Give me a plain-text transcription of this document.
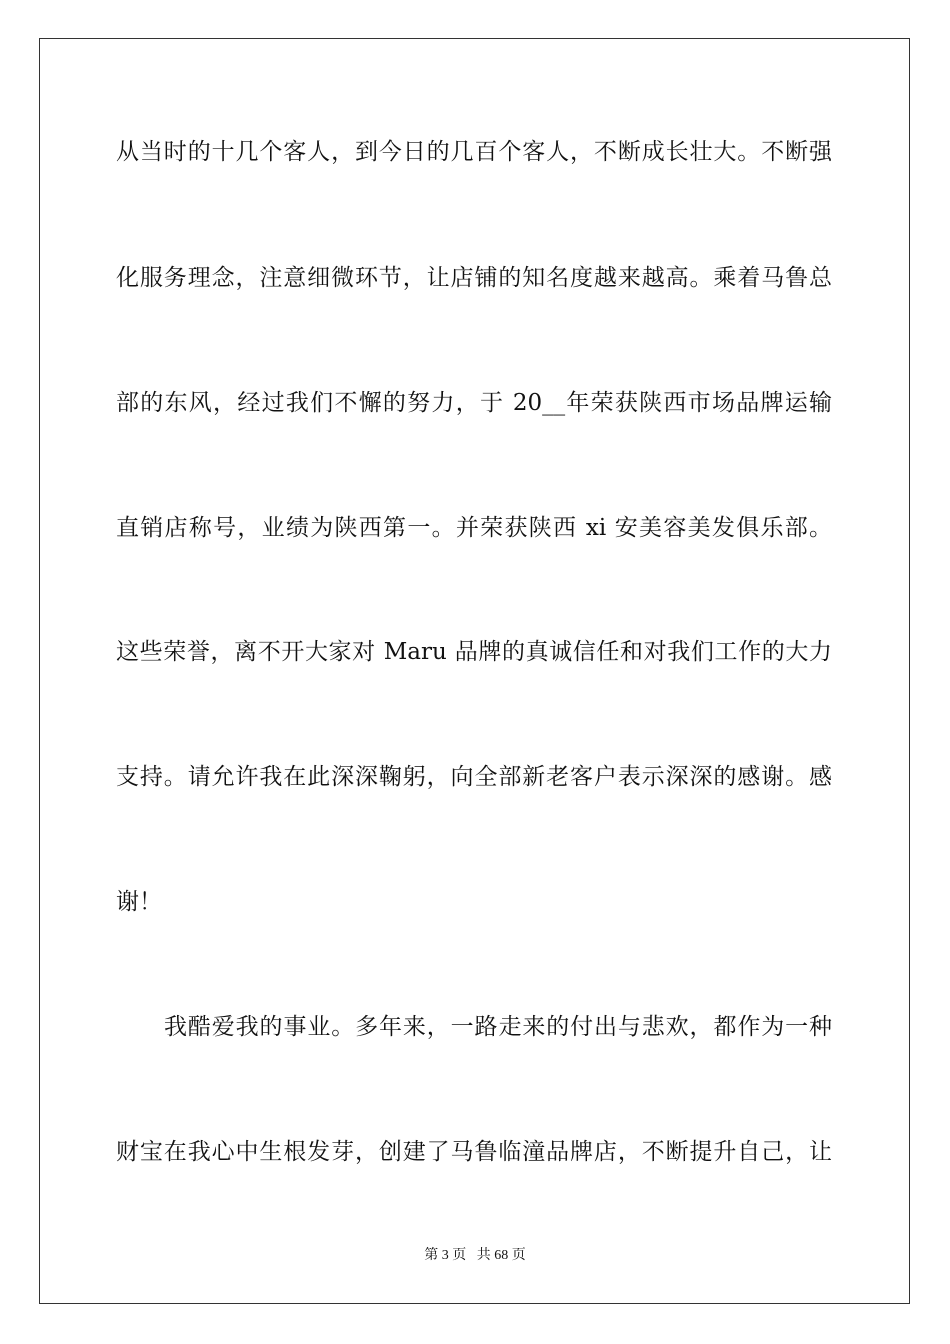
从当时的十几个客人，到今日的几百个客人，不断成长壮大。不断强
化服务理念，注意细微环节，让店铺的知名度越来越高。乘着马鲁总
部的东风，经过我们不懈的努力，于 20__年荣获陕西市场品牌运输
直销店称号，业绩为陕西第一。并荣获陕西 xi 安美容美发俱乐部。
这些荣誉，离不开大家对 Maru 品牌的真诚信任和对我们工作的大力
支持。请允许我在此深深鞠躬，向全部新老客户表示深深的感谢。感
谢！
我酷爱我的事业。多年来，一路走来的付出与悲欢，都作为一种
财宝在我心中生根发芽，创建了马鲁临潼品牌店，不断提升自己，让
第 3 页 共 68 页
